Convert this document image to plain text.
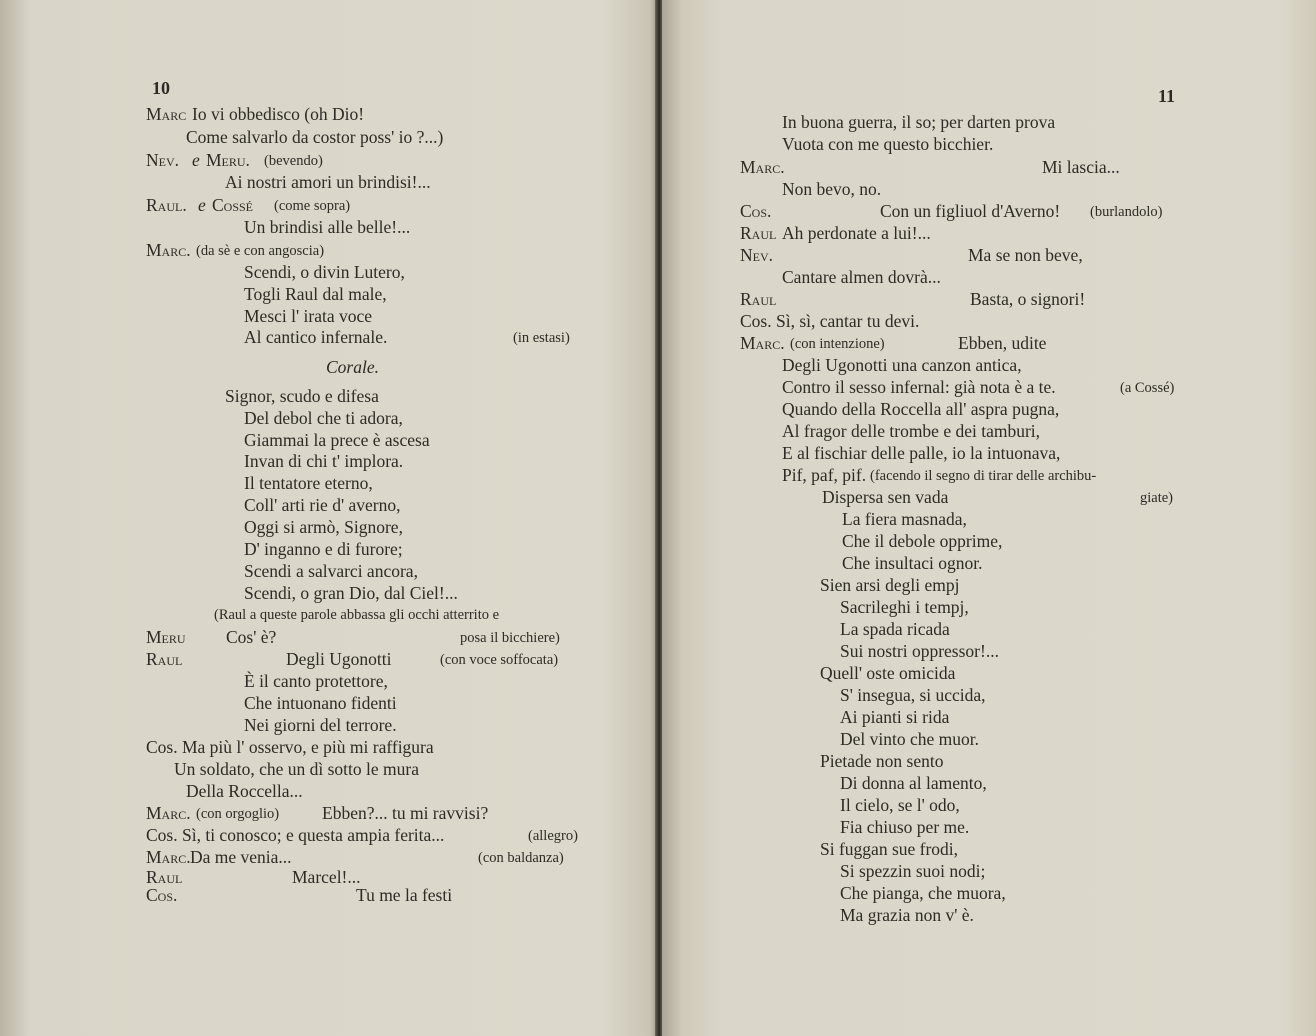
10
Marc Io vi obbedisco (oh Dio!
Come salvarlo da costor poss' io ?...)
Nev. e Meru. (bevendo)
Ai nostri amori un brindisi!...
Raul. e Cossé (come sopra)
Un brindisi alle belle!...
Marc. (da sè e con angoscia)
Scendi, o divin Lutero,
Togli Raul dal male,
Mesci l' irata voce
Al cantico infernale.	(in estasi)
Corale.
Signor, scudo e difesa
Del debol che ti adora,
Giammai la prece è ascesa
Invan di chi t' implora.
Il tentatore eterno,
Coll' arti rie d' averno,
Oggi si armò, Signore,
D' inganno e di furore;
Scendi a salvarci ancora,
Scendi, o gran Dio, dal Ciel!...
(Raul a queste parole abbassa gli occhi atterrito e
Meru Cos' è?	posa il bicchiere)
Raul	Degli Ugonotti	(con voce soffocata)
È il canto protettore,
Che intuonano fidenti
Nei giorni del terrore.
Cos. Ma più l' osservo, e più mi raffigura
Un soldato, che un dì sotto le mura
Della Roccella...
Marc. (con orgoglio) Ebben?... tu mi ravvisi?
Cos. Sì, ti conosco; e questa ampia ferita...	(allegro)
Marc. Da me venia...	(con baldanza)
Raul	Marcel!...
Cos.	Tu me la festi
11
In buona guerra, il so; per darten prova
Vuota con me questo bicchier.
Marc.	Mi lascia...
Non bevo, no.
Cos.	Con un figliuol d'Averno! (burlandolo)
Raul Ah perdonate a lui!...
Nev.	Ma se non beve,
Cantare almen dovrà...
Raul	Basta, o signori!
Cos. Sì, sì, cantar tu devi.
Marc. (con intenzione)	Ebben, udite
Degli Ugonotti una canzon antica,
Contro il sesso infernal: già nota è a te.	(a Cossé)
Quando della Roccella all' aspra pugna,
Al fragor delle trombe e dei tamburi,
E al fischiar delle palle, io la intuonava,
Pif, paf, pif. (facendo il segno di tirar delle archibu-
Dispersa sen vada	giate)
La fiera masnada,
Che il debole opprime,
Che insultaci ognor.
Sien arsi degli empj
Sacrileghi i tempj,
La spada ricada
Sui nostri oppressor!...
Quell' oste omicida
S' insegua, si uccida,
Ai pianti si rida
Del vinto che muor.
Pietade non sento
Di donna al lamento,
Il cielo, se l' odo,
Fia chiuso per me.
Si fuggan sue frodi,
Si spezzin suoi nodi;
Che pianga, che muora,
Ma grazia non v' è.
